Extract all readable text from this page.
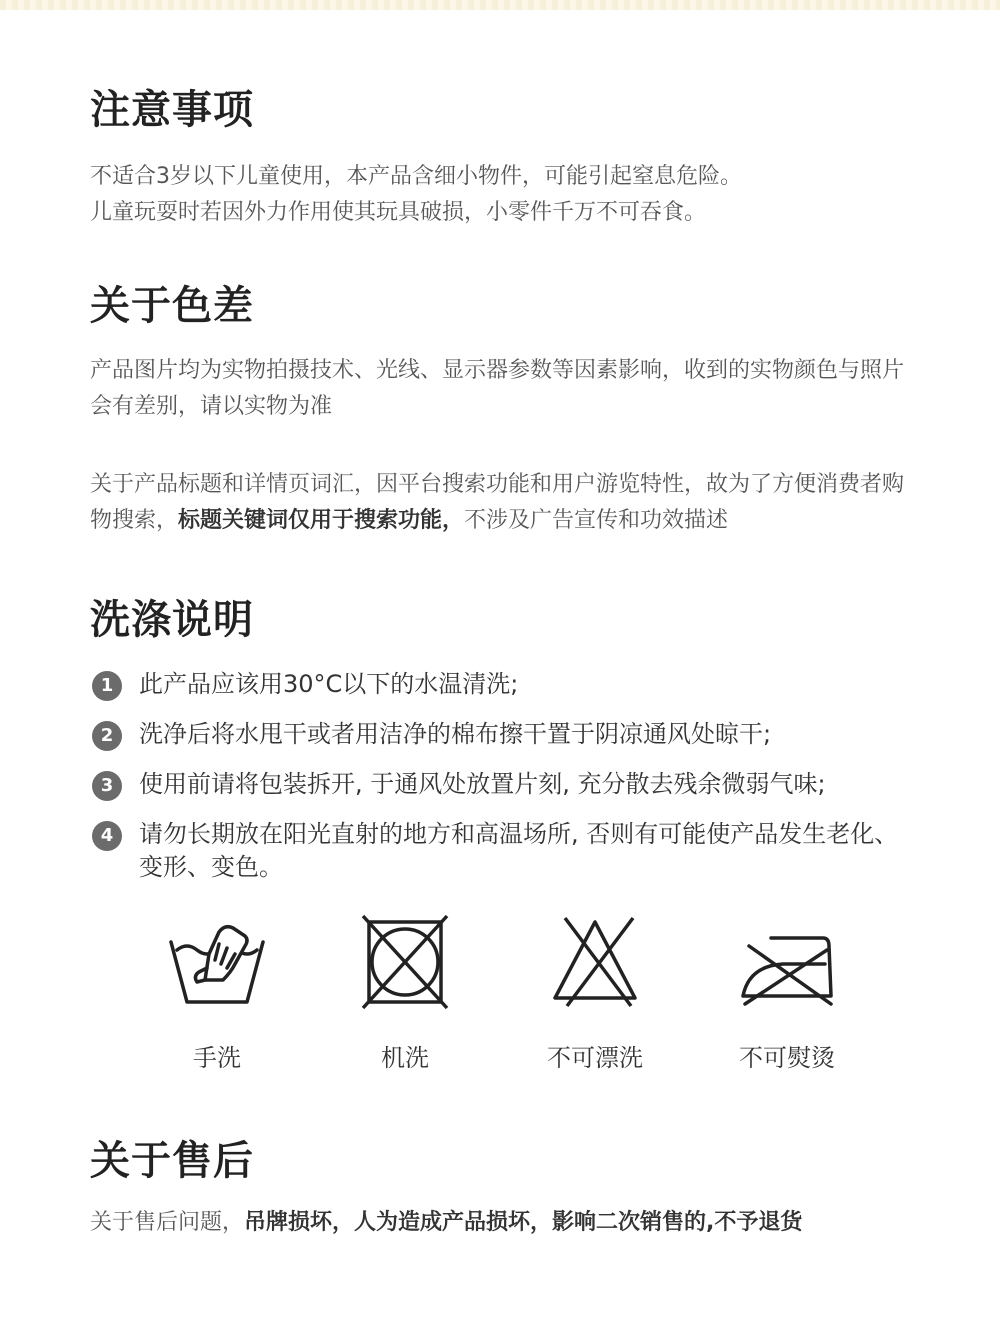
注意事项

不适合3岁以下儿童使用，本产品含细小物件，可能引起窒息危险。

儿童玩耍时若因外力作用使其玩具破损，小零件千万不可吞食。

关于色差

产品图片均为实物拍摄技术、光线、显示器参数等因素影响，收到的实物颜色与照片会有差别，请以实物为准

关于产品标题和详情页词汇，因平台搜索功能和用户游览特性，故为了方便消费者购物搜索，标题关键词仅用于搜索功能，不涉及广告宣传和功效描述

洗涤说明
1	此产品应该用30°C以下的水温清洗;
2	洗净后将水甩干或者用洁净的棉布擦干置于阴凉通风处晾干;
3	使用前请将包装拆开, 于通风处放置片刻, 充分散去残余微弱气味;
4	请勿长期放在阳光直射的地方和高温场所, 否则有可能使产品发生老化、变形、变色。
手洗	机洗	不可漂洗	不可熨烫
关于售后

关于售后问题，吊牌损坏，人为造成产品损坏，影响二次销售的,不予退货
